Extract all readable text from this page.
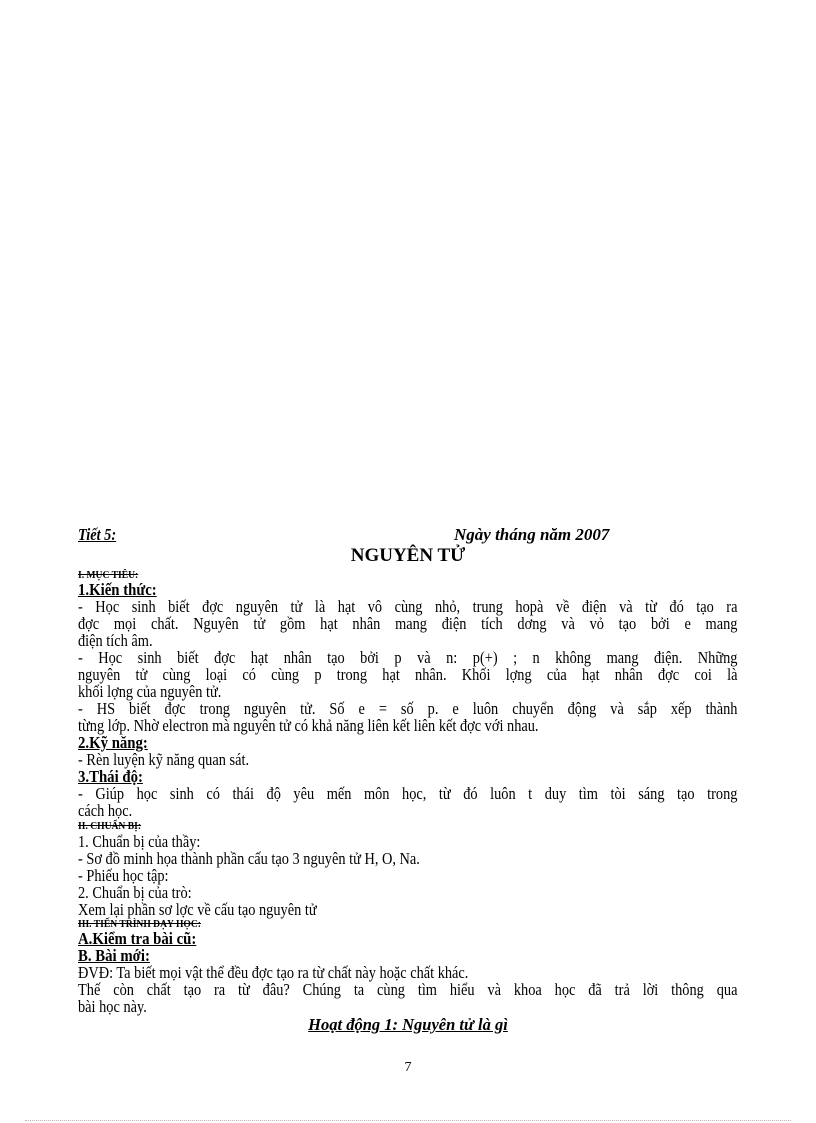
Tiết 5:	Ngày tháng năm 2007
NGUYÊN TỬ
I. MỤC TIÊU:
1.Kiến thức:
- Học sinh biết đợc nguyên tử là hạt vô cùng nhỏ, trung hopà về điện và từ đó tạo ra
đợc mọi chất. Nguyên tử gồm hạt nhân mang điện tích dơng và vỏ tạo bởi e mang
điện tích âm.
- Học sinh biết đợc hạt nhân tạo bởi p và n: p(+) ; n không mang điện. Những
nguyên tử cùng loại có cùng p trong hạt nhân. Khối lợng của hạt nhân đợc coi là
khối lợng của nguyên tử.
- HS biết đợc trong nguyên tử. Số e = số p. e luôn chuyển động và sắp xếp thành
từng lớp. Nhờ electron mà nguyên tử có khả năng liên kết liên kết đợc với nhau.
2.Kỹ năng:
- Rèn luyện kỹ năng quan sát.
3.Thái độ:
- Giúp học sinh có thái độ yêu mến môn học, từ đó luôn t duy tìm tòi sáng tạo trong
cách học.
II. CHUẨN BỊ:
1. Chuẩn bị của thầy:
- Sơ đồ minh họa thành phần cấu tạo 3 nguyên tử H, O, Na.
- Phiếu học tập:
2. Chuẩn bị của trò:
Xem lại phần sơ lợc về cấu tạo nguyên tử
III. TIẾN TRÌNH DẠY HỌC:
A.Kiểm tra bài cũ:
B. Bài mới:
ĐVĐ: Ta biết mọi vật thể đều đợc tạo ra từ chất này hoặc chất khác.
Thế còn chất tạo ra từ đâu? Chúng ta cùng tìm hiểu và khoa học đã trả lời thông qua
bài học này.
Hoạt động 1: Nguyên tử là gì
7
